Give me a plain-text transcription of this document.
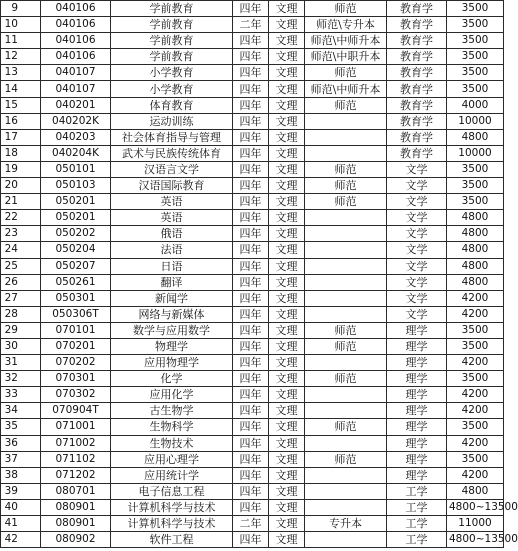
9	040106	学前教育	四年	文理	师范	教育学	3500
10	040106	学前教育	二年	文理	师范\专升本	教育学	3500
11	040106	学前教育	四年	文理	师范\中师升本	教育学	3500
12	040106	学前教育	四年	文理	师范\中职升本	教育学	3500
13	040107	小学教育	四年	文理	师范	教育学	3500
14	040107	小学教育	四年	文理	师范\中师升本	教育学	3500
15	040201	体育教育	四年	文理	师范	教育学	4000
16	040202K	运动训练	四年	文理		教育学	10000
17	040203	社会体育指导与管理	四年	文理		教育学	4800
18	040204K	武术与民族传统体育	四年	文理		教育学	10000
19	050101	汉语言文学	四年	文理	师范	文学	3500
20	050103	汉语国际教育	四年	文理	师范	文学	3500
21	050201	英语	四年	文理	师范	文学	3500
22	050201	英语	四年	文理		文学	4800
23	050202	俄语	四年	文理		文学	4800
24	050204	法语	四年	文理		文学	4800
25	050207	日语	四年	文理		文学	4800
26	050261	翻译	四年	文理		文学	4800
27	050301	新闻学	四年	文理		文学	4200
28	050306T	网络与新媒体	四年	文理		文学	4200
29	070101	数学与应用数学	四年	文理	师范	理学	3500
30	070201	物理学	四年	文理	师范	理学	3500
31	070202	应用物理学	四年	文理		理学	4200
32	070301	化学	四年	文理	师范	理学	3500
33	070302	应用化学	四年	文理		理学	4200
34	070904T	古生物学	四年	文理		理学	4200
35	071001	生物科学	四年	文理	师范	理学	3500
36	071002	生物技术	四年	文理		理学	4200
37	071102	应用心理学	四年	文理	师范	理学	3500
38	071202	应用统计学	四年	文理		理学	4200
39	080701	电子信息工程	四年	文理		工学	4800
40	080901	计算机科学与技术	四年	文理		工学	4800~13500
41	080901	计算机科学与技术	二年	文理	专升本	工学	11000
42	080902	软件工程	四年	文理		工学	4800~13500
